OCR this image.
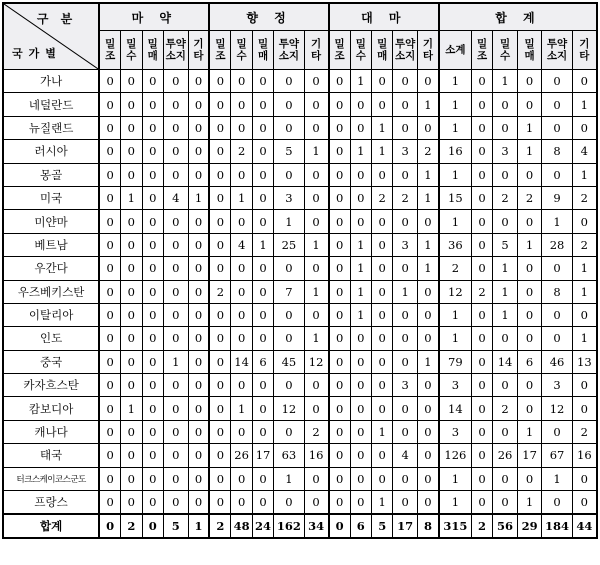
구 분
국가별	마 약					향 정					대 마					합 계					
	밀조	밀수	밀매	투약소지	기타	밀조	밀수	밀매	투약소지	기타	밀조	밀수	밀매	투약소지	기타	소계	밀조	밀수	밀매	투약소지	기타
가나	0	0	0	0	0	0	0	0	0	0	0	1	0	0	0	1	0	1	0	0	0
네덜란드	0	0	0	0	0	0	0	0	0	0	0	0	0	0	1	1	0	0	0	0	1
뉴질랜드	0	0	0	0	0	0	0	0	0	0	0	0	1	0	0	1	0	0	1	0	0
러시아	0	0	0	0	0	0	2	0	5	1	0	1	1	3	2	16	0	3	1	8	4
몽골	0	0	0	0	0	0	0	0	0	0	0	0	0	0	1	1	0	0	0	0	1
미국	0	1	0	4	1	0	1	0	3	0	0	0	2	2	1	15	0	2	2	9	2
미얀마	0	0	0	0	0	0	0	0	1	0	0	0	0	0	0	1	0	0	0	1	0
베트남	0	0	0	0	0	0	4	1	25	1	0	1	0	3	1	36	0	5	1	28	2
우간다	0	0	0	0	0	0	0	0	0	0	0	1	0	0	1	2	0	1	0	0	1
우즈베키스탄	0	0	0	0	0	2	0	0	7	1	0	1	0	1	0	12	2	1	0	8	1
이탈리아	0	0	0	0	0	0	0	0	0	0	0	1	0	0	0	1	0	1	0	0	0
인도	0	0	0	0	0	0	0	0	0	1	0	0	0	0	0	1	0	0	0	0	1
중국	0	0	0	1	0	0	14	6	45	12	0	0	0	0	1	79	0	14	6	46	13
카자흐스탄	0	0	0	0	0	0	0	0	0	0	0	0	0	3	0	3	0	0	0	3	0
캄보디아	0	1	0	0	0	0	1	0	12	0	0	0	0	0	0	14	0	2	0	12	0
캐나다	0	0	0	0	0	0	0	0	0	2	0	0	1	0	0	3	0	0	1	0	2
태국	0	0	0	0	0	0	26	17	63	16	0	0	0	4	0	126	0	26	17	67	16
터크스케이코스군도	0	0	0	0	0	0	0	0	1	0	0	0	0	0	0	1	0	0	0	1	0
프랑스	0	0	0	0	0	0	0	0	0	0	0	0	1	0	0	1	0	0	1	0	0
합계	0	2	0	5	1	2	48	24	162	34	0	6	5	17	8	315	2	56	29	184	44
